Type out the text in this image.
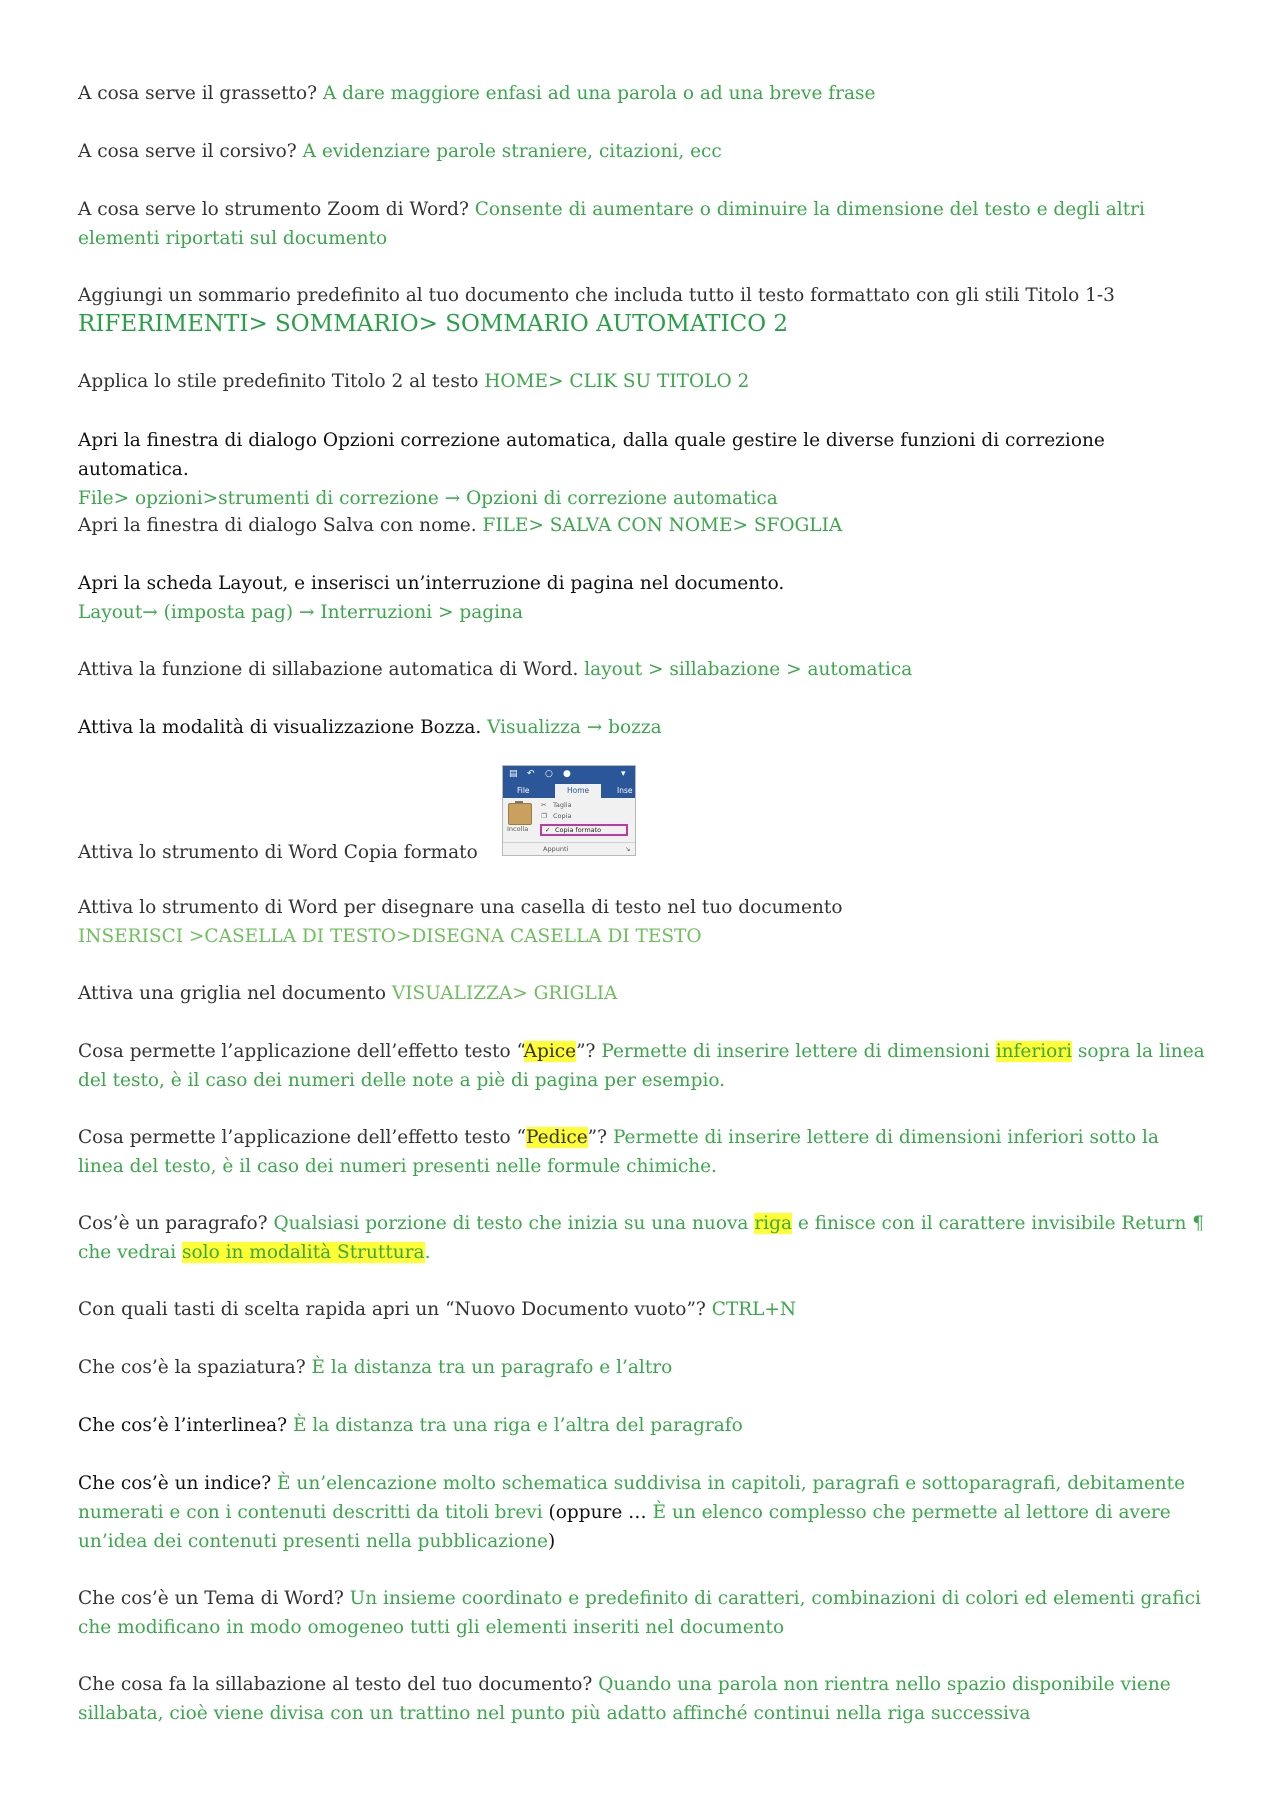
A cosa serve il grassetto? A dare maggiore enfasi ad una parola o ad una breve frase

A cosa serve il corsivo? A evidenziare parole straniere, citazioni, ecc

A cosa serve lo strumento Zoom di Word? Consente di aumentare o diminuire la dimensione del testo e degli altri elementi riportati sul documento

Aggiungi un sommario predefinito al tuo documento che includa tutto il testo formattato con gli stili Titolo 1-3
RIFERIMENTI> SOMMARIO> SOMMARIO AUTOMATICO 2

Applica lo stile predefinito Titolo 2 al testo HOME> CLIK SU TITOLO 2

Apri la finestra di dialogo Opzioni correzione automatica, dalla quale gestire le diverse funzioni di correzione automatica.
File> opzioni>strumenti di correzione → Opzioni di correzione automatica

Apri la finestra di dialogo Salva con nome. FILE> SALVA CON NOME> SFOGLIA

Apri la scheda Layout, e inserisci un’interruzione di pagina nel documento.
Layout→ (imposta pag) → Interruzioni > pagina

Attiva la funzione di sillabazione automatica di Word. layout > sillabazione > automatica

Attiva la modalità di visualizzazione Bozza. Visualizza → bozza

Attiva lo strumento di Word Copia formato

▤ ↶ ○ ●	▾
File	Home	Inse
Incolla
✂ Taglia
❐ Copia
✓ Copia formato
Appunti	↘

Attiva lo strumento di Word per disegnare una casella di testo nel tuo documento
INSERISCI >CASELLA DI TESTO>DISEGNA CASELLA DI TESTO

Attiva una griglia nel documento VISUALIZZA> GRIGLIA

Cosa permette l’applicazione dell’effetto testo “Apice”? Permette di inserire lettere di dimensioni inferiori sopra la linea del testo, è il caso dei numeri delle note a piè di pagina per esempio.

Cosa permette l’applicazione dell’effetto testo “Pedice”? Permette di inserire lettere di dimensioni inferiori sotto la linea del testo, è il caso dei numeri presenti nelle formule chimiche.

Cos’è un paragrafo? Qualsiasi porzione di testo che inizia su una nuova riga e finisce con il carattere invisibile Return ¶ che vedrai solo in modalità Struttura.

Con quali tasti di scelta rapida apri un “Nuovo Documento vuoto”? CTRL+N

Che cos’è la spaziatura? È la distanza tra un paragrafo e l’altro

Che cos’è l’interlinea? È la distanza tra una riga e l’altra del paragrafo

Che cos’è un indice? È un’elencazione molto schematica suddivisa in capitoli, paragrafi e sottoparagrafi, debitamente numerati e con i contenuti descritti da titoli brevi (oppure … È un elenco complesso che permette al lettore di avere un’idea dei contenuti presenti nella pubblicazione)

Che cos’è un Tema di Word? Un insieme coordinato e predefinito di caratteri, combinazioni di colori ed elementi grafici che modificano in modo omogeneo tutti gli elementi inseriti nel documento

Che cosa fa la sillabazione al testo del tuo documento? Quando una parola non rientra nello spazio disponibile viene sillabata, cioè viene divisa con un trattino nel punto più adatto affinché continui nella riga successiva
